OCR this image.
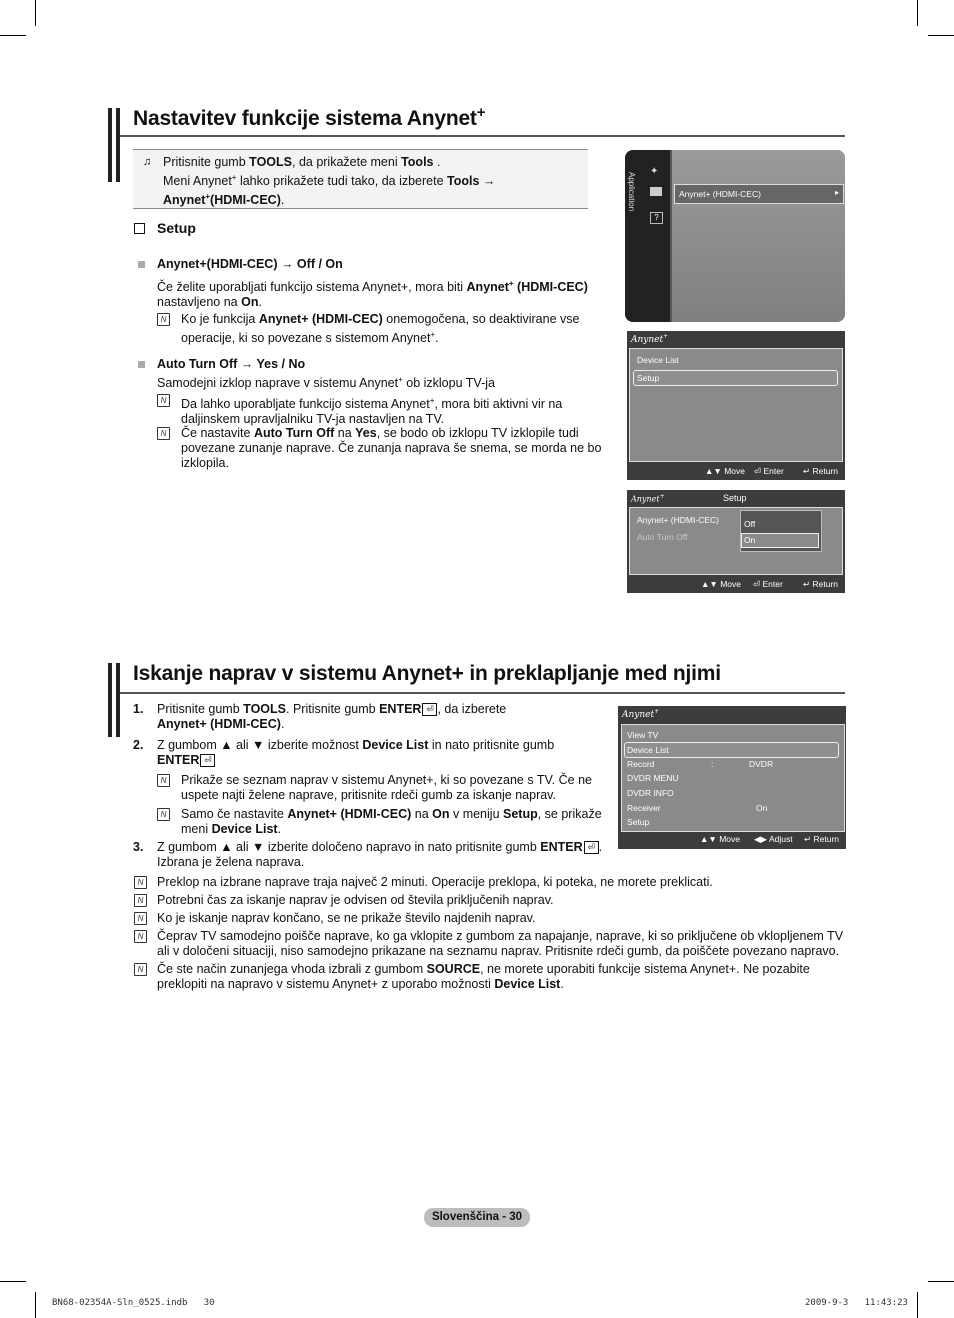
Nastavitev funkcije sistema Anynet+
♫ Pritisnite gumb TOOLS, da prikažete meni Tools .
Meni Anynet+ lahko prikažete tudi tako, da izberete Tools →
Anynet+(HDMI-CEC).
Setup
Anynet+(HDMI-CEC) → Off / On
Če želite uporabljati funkcijo sistema Anynet+, mora biti Anynet+ (HDMI-CEC)
nastavljeno na On.
N
Ko je funkcija Anynet+ (HDMI-CEC) onemogočena, so deaktivirane vse
operacije, ki so povezane s sistemom Anynet+.
Auto Turn Off → Yes / No
Samodejni izklop naprave v sistemu Anynet+ ob izklopu TV-ja
N
Da lahko uporabljate funkcijo sistema Anynet+, mora biti aktivni vir na
daljinskem upravljalniku TV-ja nastavljen na TV.
N
Če nastavite Auto Turn Off na Yes, se bodo ob izklopu TV izklopile tudi
povezane zunanje naprave. Če zunanja naprava še snema, se morda ne bo
izklopila.
Application
✦
?
Anynet+ (HDMI-CEC)	▸
Anynet+
Device List
Setup
▲▼ Move ⏎ Enter ↵ Return
Anynet+	Setup
Anynet+ (HDMI-CEC)
Auto Turn Off
Off
On
▲▼ Move ⏎ Enter ↵ Return
Iskanje naprav v sistemu Anynet+ in preklapljanje med njimi
1. Pritisnite gumb TOOLS. Pritisnite gumb ENTER ⏎ , da izberete
Anynet+ (HDMI-CEC).
2. Z gumbom ▲ ali ▼ izberite možnost Device List in nato pritisnite gumb
ENTER ⏎
N
Prikaže se seznam naprav v sistemu Anynet+, ki so povezane s TV. Če ne
uspete najti želene naprave, pritisnite rdeči gumb za iskanje naprav.
N
Samo če nastavite Anynet+ (HDMI-CEC) na On v meniju Setup, se prikaže
meni Device List.
3. Z gumbom ▲ ali ▼ izberite določeno napravo in nato pritisnite gumb ENTER ⏎ .
Izbrana je želena naprava.
N
Preklop na izbrane naprave traja največ 2 minuti. Operacije preklopa, ki poteka, ne morete preklicati.
N
Potrebni čas za iskanje naprav je odvisen od števila priključenih naprav.
N
Ko je iskanje naprav končano, se ne prikaže število najdenih naprav.
N
Čeprav TV samodejno poišče naprave, ko ga vklopite z gumbom za napajanje, naprave, ki so priključene ob vklopljenem TV
ali v določeni situaciji, niso samodejno prikazane na seznamu naprav. Pritisnite rdeči gumb, da poiščete povezano napravo.
N
Če ste način zunanjega vhoda izbrali z gumbom SOURCE, ne morete uporabiti funkcije sistema Anynet+. Ne pozabite
preklopiti na napravo v sistemu Anynet+ z uporabo možnosti Device List.
Anynet+
View TV
Device List
Record	:	DVDR
DVDR MENU
DVDR INFO
Receiver	On
Setup
▲▼ Move ◀▶ Adjust ↵ Return
Slovenščina - 30
BN68-02354A-Sln_0525.indb   30	2009-9-3   11:43:23
